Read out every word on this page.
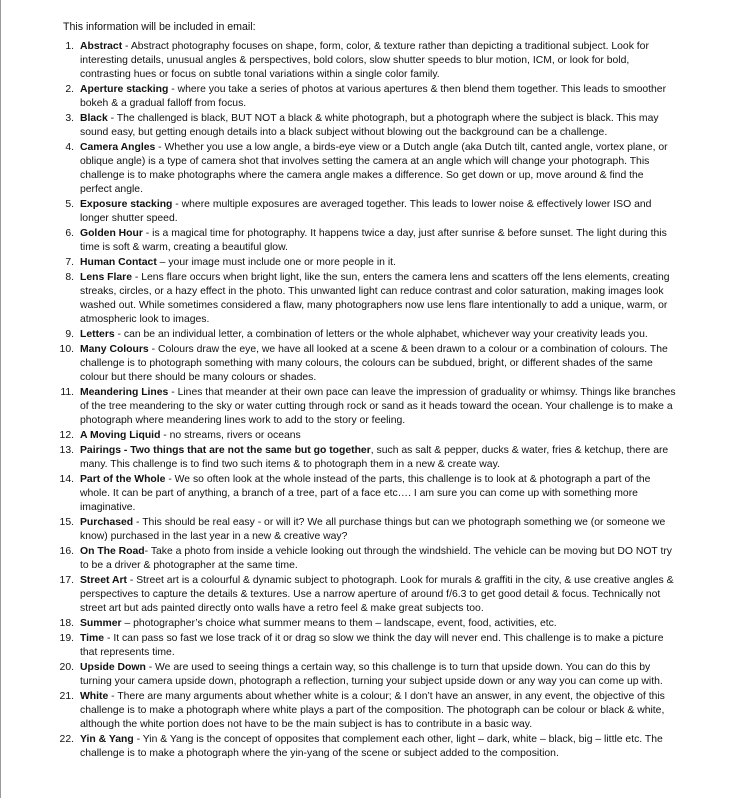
This information will be included in email:
1. Abstract - Abstract photography focuses on shape, form, color, & texture rather than depicting a traditional subject. Look for interesting details, unusual angles & perspectives, bold colors, slow shutter speeds to blur motion, ICM, or look for bold, contrasting hues or focus on subtle tonal variations within a single color family.
2. Aperture stacking - where you take a series of photos at various apertures & then blend them together. This leads to smoother bokeh & a gradual falloff from focus.
3. Black - The challenged is black, BUT NOT a black & white photograph, but a photograph where the subject is black. This may sound easy, but getting enough details into a black subject without blowing out the background can be a challenge.
4. Camera Angles - Whether you use a low angle, a birds-eye view or a Dutch angle (aka Dutch tilt, canted angle, vortex plane, or oblique angle) is a type of camera shot that involves setting the camera at an angle which will change your photograph. This challenge is to make photographs where the camera angle makes a difference. So get down or up, move around & find the perfect angle.
5. Exposure stacking - where multiple exposures are averaged together. This leads to lower noise & effectively lower ISO and longer shutter speed.
6. Golden Hour - is a magical time for photography. It happens twice a day, just after sunrise & before sunset. The light during this time is soft & warm, creating a beautiful glow.
7. Human Contact – your image must include one or more people in it.
8. Lens Flare - Lens flare occurs when bright light, like the sun, enters the camera lens and scatters off the lens elements, creating streaks, circles, or a hazy effect in the photo. This unwanted light can reduce contrast and color saturation, making images look washed out. While sometimes considered a flaw, many photographers now use lens flare intentionally to add a unique, warm, or atmospheric look to images.
9. Letters - can be an individual letter, a combination of letters or the whole alphabet, whichever way your creativity leads you.
10. Many Colours - Colours draw the eye, we have all looked at a scene & been drawn to a colour or a combination of colours. The challenge is to photograph something with many colours, the colours can be subdued, bright, or different shades of the same colour but there should be many colours or shades.
11. Meandering Lines - Lines that meander at their own pace can leave the impression of graduality or whimsy. Things like branches of the tree meandering to the sky or water cutting through rock or sand as it heads toward the ocean. Your challenge is to make a photograph where meandering lines work to add to the story or feeling.
12. A Moving Liquid - no streams, rivers or oceans
13. Pairings - Two things that are not the same but go together, such as salt & pepper, ducks & water, fries & ketchup, there are many. This challenge is to find two such items & to photograph them in a new & create way.
14. Part of the Whole - We so often look at the whole instead of the parts, this challenge is to look at & photograph a part of the whole. It can be part of anything, a branch of a tree, part of a face etc…. I am sure you can come up with something more imaginative.
15. Purchased - This should be real easy - or will it? We all purchase things but can we photograph something we (or someone we know) purchased in the last year in a new & creative way?
16. On The Road- Take a photo from inside a vehicle looking out through the windshield. The vehicle can be moving but DO NOT try to be a driver & photographer at the same time.
17. Street Art - Street art is a colourful & dynamic subject to photograph. Look for murals & graffiti in the city, & use creative angles & perspectives to capture the details & textures. Use a narrow aperture of around f/6.3 to get good detail & focus. Technically not street art but ads painted directly onto walls have a retro feel & make great subjects too.
18. Summer – photographer’s choice what summer means to them – landscape, event, food, activities, etc.
19. Time - It can pass so fast we lose track of it or drag so slow we think the day will never end. This challenge is to make a picture that represents time.
20. Upside Down - We are used to seeing things a certain way, so this challenge is to turn that upside down. You can do this by turning your camera upside down, photograph a reflection, turning your subject upside down or any way you can come up with.
21. White - There are many arguments about whether white is a colour; & I don’t have an answer, in any event, the objective of this challenge is to make a photograph where white plays a part of the composition. The photograph can be colour or black & white, although the white portion does not have to be the main subject is has to contribute in a basic way.
22. Yin & Yang - Yin & Yang is the concept of opposites that complement each other, light – dark, white – black, big – little etc. The challenge is to make a photograph where the yin-yang of the scene or subject added to the composition.
